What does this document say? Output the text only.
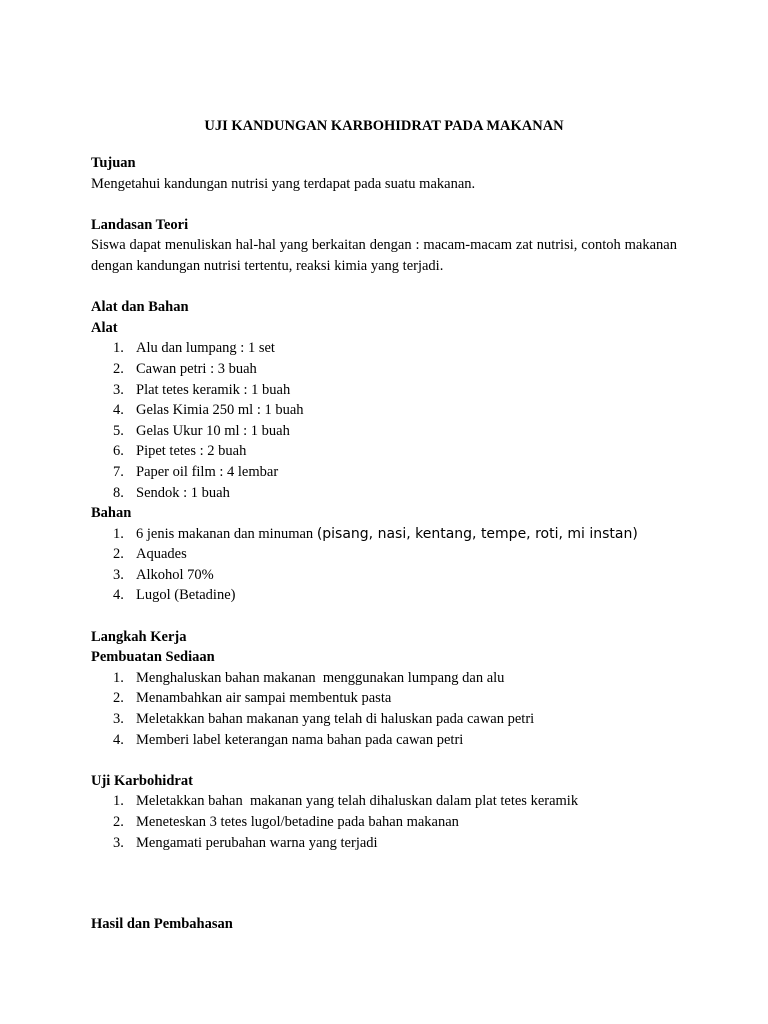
UJI KANDUNGAN KARBOHIDRAT PADA MAKANAN
Tujuan
Mengetahui kandungan nutrisi yang terdapat pada suatu makanan.
Landasan Teori
Siswa dapat menuliskan hal-hal yang berkaitan dengan : macam-macam zat nutrisi, contoh makanan dengan kandungan nutrisi tertentu, reaksi kimia yang terjadi.
Alat dan Bahan
Alat
1. Alu dan lumpang : 1 set
2. Cawan petri : 3 buah
3. Plat tetes keramik : 1 buah
4. Gelas Kimia 250 ml : 1 buah
5. Gelas Ukur 10 ml : 1 buah
6. Pipet tetes : 2 buah
7. Paper oil film : 4 lembar
8. Sendok : 1 buah
Bahan
1. 6 jenis makanan dan minuman (pisang, nasi, kentang, tempe, roti, mi instan)
2. Aquades
3. Alkohol 70%
4. Lugol (Betadine)
Langkah Kerja
Pembuatan Sediaan
1. Menghaluskan bahan makanan  menggunakan lumpang dan alu
2. Menambahkan air sampai membentuk pasta
3. Meletakkan bahan makanan yang telah di haluskan pada cawan petri
4. Memberi label keterangan nama bahan pada cawan petri
Uji Karbohidrat
1. Meletakkan bahan  makanan yang telah dihaluskan dalam plat tetes keramik
2. Meneteskan 3 tetes lugol/betadine pada bahan makanan
3. Mengamati perubahan warna yang terjadi
Hasil dan Pembahasan
